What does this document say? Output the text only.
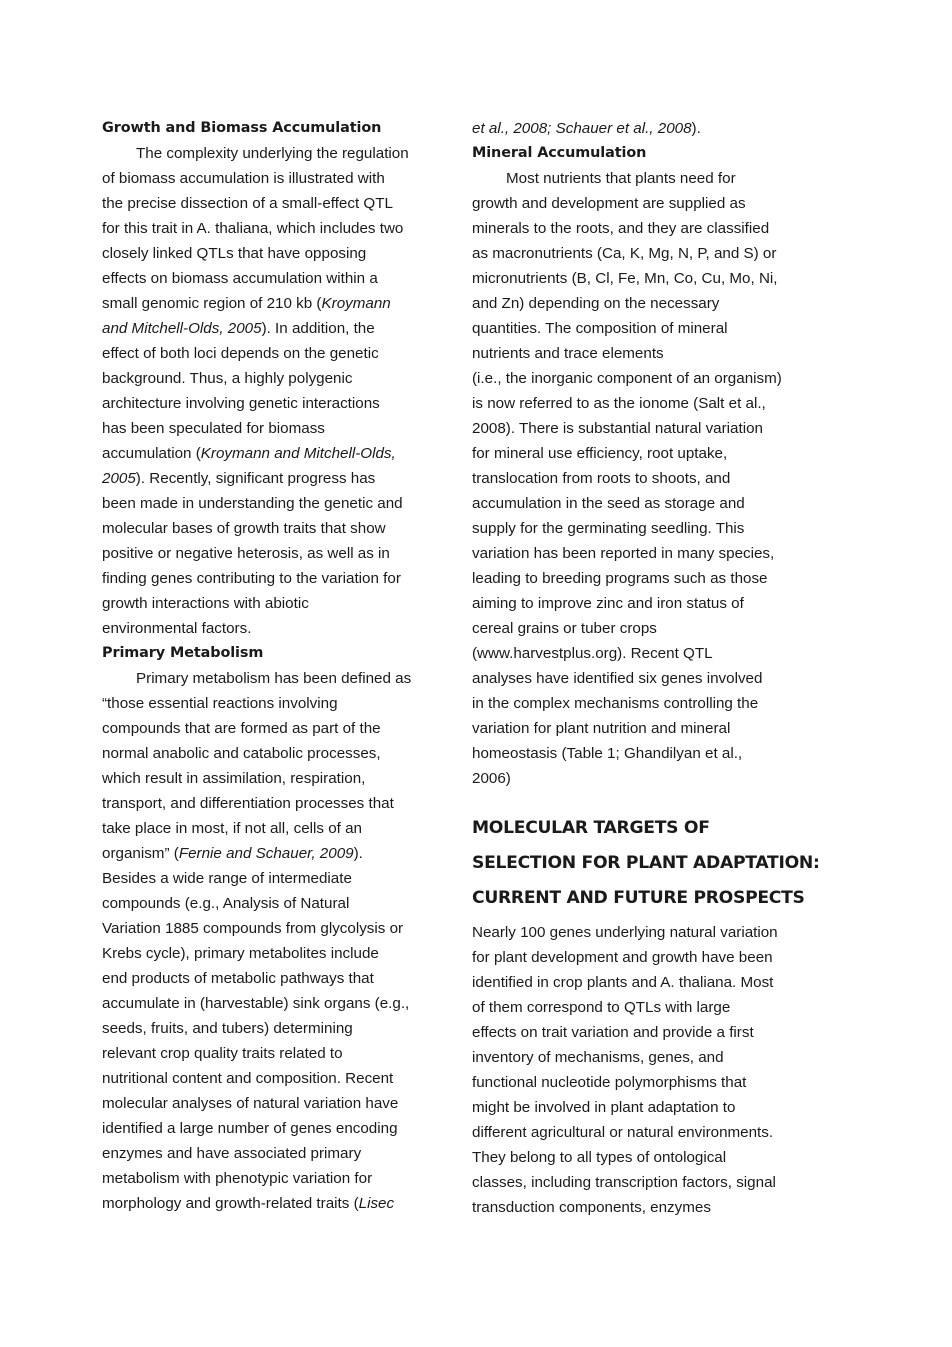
Growth and Biomass Accumulation
The complexity underlying the regulation
of biomass accumulation is illustrated with
the precise dissection of a small-effect QTL
for this trait in A. thaliana, which includes two
closely linked QTLs that have opposing
effects on biomass accumulation within a
small genomic region of 210 kb (Kroymann
and Mitchell-Olds, 2005). In addition, the
effect of both loci depends on the genetic
background. Thus, a highly polygenic
architecture involving genetic interactions
has been speculated for biomass
accumulation (Kroymann and Mitchell-Olds,
2005). Recently, significant progress has
been made in understanding the genetic and
molecular bases of growth traits that show
positive or negative heterosis, as well as in
finding genes contributing to the variation for
growth interactions with abiotic
environmental factors.
Primary Metabolism
Primary metabolism has been defined as
“those essential reactions involving
compounds that are formed as part of the
normal anabolic and catabolic processes,
which result in assimilation, respiration,
transport, and differentiation processes that
take place in most, if not all, cells of an
organism” (Fernie and Schauer, 2009).
Besides a wide range of intermediate
compounds (e.g., Analysis of Natural
Variation 1885 compounds from glycolysis or
Krebs cycle), primary metabolites include
end products of metabolic pathways that
accumulate in (harvestable) sink organs (e.g.,
seeds, fruits, and tubers) determining
relevant crop quality traits related to
nutritional content and composition. Recent
molecular analyses of natural variation have
identified a large number of genes encoding
enzymes and have associated primary
metabolism with phenotypic variation for
morphology and growth-related traits (Lisec
et al., 2008; Schauer et al., 2008).
Mineral Accumulation
Most nutrients that plants need for
growth and development are supplied as
minerals to the roots, and they are classified
as macronutrients (Ca, K, Mg, N, P, and S) or
micronutrients (B, Cl, Fe, Mn, Co, Cu, Mo, Ni,
and Zn) depending on the necessary
quantities. The composition of mineral
nutrients and trace elements
(i.e., the inorganic component of an organism)
is now referred to as the ionome (Salt et al.,
2008). There is substantial natural variation
for mineral use efficiency, root uptake,
translocation from roots to shoots, and
accumulation in the seed as storage and
supply for the germinating seedling. This
variation has been reported in many species,
leading to breeding programs such as those
aiming to improve zinc and iron status of
cereal grains or tuber crops
(www.harvestplus.org). Recent QTL
analyses have identified six genes involved
in the complex mechanisms controlling the
variation for plant nutrition and mineral
homeostasis (Table 1; Ghandilyan et al.,
2006)
MOLECULAR TARGETS OF
SELECTION FOR PLANT ADAPTATION:
CURRENT AND FUTURE PROSPECTS
Nearly 100 genes underlying natural variation
for plant development and growth have been
identified in crop plants and A. thaliana. Most
of them correspond to QTLs with large
effects on trait variation and provide a first
inventory of mechanisms, genes, and
functional nucleotide polymorphisms that
might be involved in plant adaptation to
different agricultural or natural environments.
They belong to all types of ontological
classes, including transcription factors, signal
transduction components, enzymes
